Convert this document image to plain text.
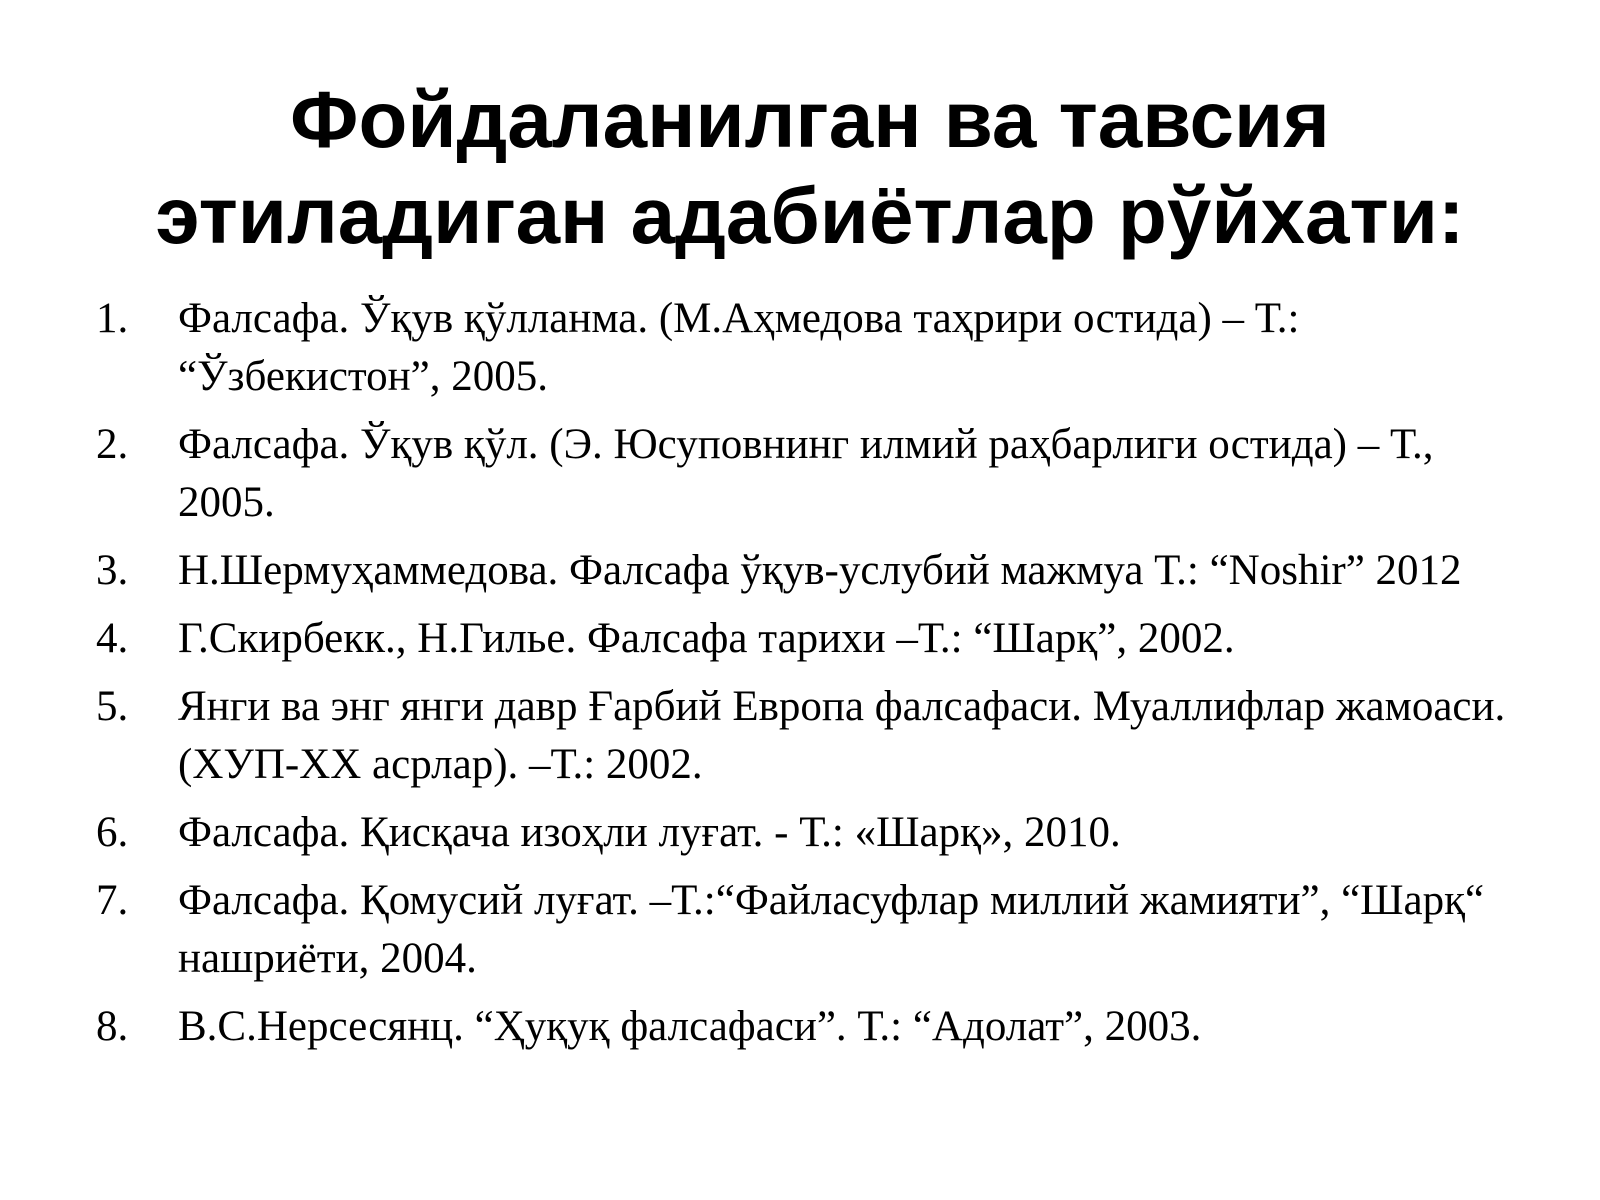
Фойдаланилган ва тавсия
этиладиган адабиётлар рўйхати:
1.	Фалсафа. Ўқув қўлланма. (М.Аҳмедова таҳрири остида) – Т.: “Ўзбекистон”, 2005.
2.	Фалсафа. Ўқув қўл. (Э. Юсуповнинг илмий раҳбарлиги остида) – Т., 2005.
3.	Н.Шермуҳаммедова. Фалсафа ўқув-услубий мажмуа Т.: “Noshir” 2012
4.	Г.Скирбекк., Н.Гилье. Фалсафа тарихи –Т.: “Шарқ”, 2002.
5.	Янги ва энг янги давр Ғарбий Европа фалсафаси. Муаллифлар жамоаси. (ХУП-ХХ асрлар). –Т.: 2002.
6.	Фалсафа. Қисқача изоҳли луғат. - Т.: «Шарқ», 2010.
7.	Фалсафа. Қомусий луғат. –Т.:“Файласуфлар миллий жамияти”, “Шарқ“ нашриёти, 2004.
8.	В.С.Нерсесянц. “Ҳуқуқ фалсафаси”. Т.: “Адолат”, 2003.
